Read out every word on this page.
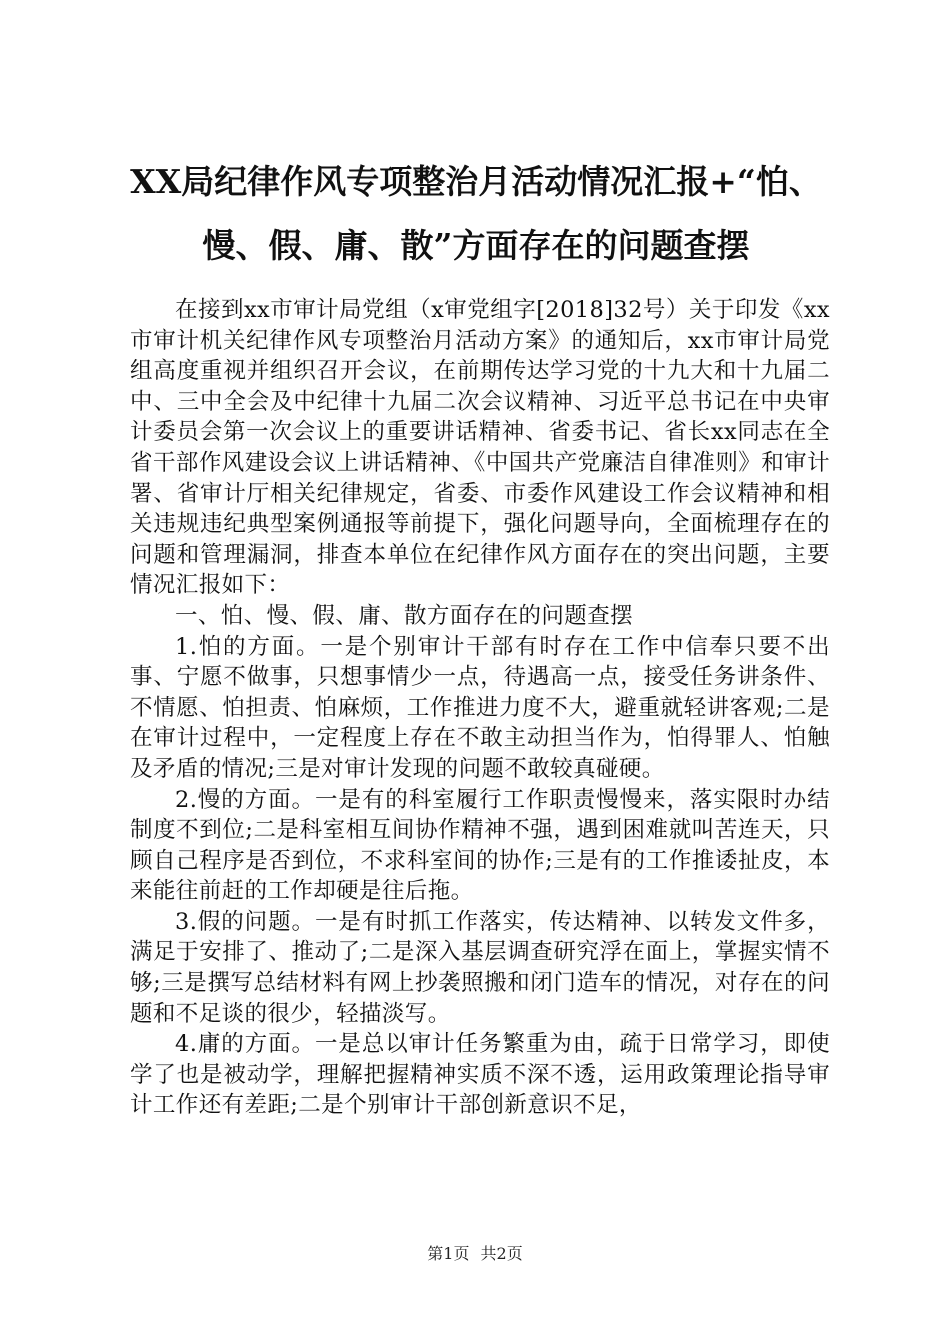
XX局纪律作风专项整治月活动情况汇报+“怕、慢、假、庸、散”方面存在的问题查摆

在接到xx市审计局党组（x审党组字[2018]32号）关于印发《xx市审计机关纪律作风专项整治月活动方案》的通知后，xx市审计局党组高度重视并组织召开会议，在前期传达学习党的十九大和十九届二中、三中全会及中纪律十九届二次会议精神、习近平总书记在中央审计委员会第一次会议上的重要讲话精神、省委书记、省长xx同志在全省干部作风建设会议上讲话精神、《中国共产党廉洁自律准则》和审计署、省审计厅相关纪律规定，省委、市委作风建设工作会议精神和相关违规违纪典型案例通报等前提下，强化问题导向，全面梳理存在的问题和管理漏洞，排查本单位在纪律作风方面存在的突出问题，主要情况汇报如下：

一、怕、慢、假、庸、散方面存在的问题查摆

1.怕的方面。一是个别审计干部有时存在工作中信奉只要不出事、宁愿不做事，只想事情少一点，待遇高一点，接受任务讲条件、不情愿、怕担责、怕麻烦，工作推进力度不大，避重就轻讲客观;二是在审计过程中，一定程度上存在不敢主动担当作为，怕得罪人、怕触及矛盾的情况;三是对审计发现的问题不敢较真碰硬。

2.慢的方面。一是有的科室履行工作职责慢慢来，落实限时办结制度不到位;二是科室相互间协作精神不强，遇到困难就叫苦连天，只顾自己程序是否到位，不求科室间的协作;三是有的工作推诿扯皮，本来能往前赶的工作却硬是往后拖。

3.假的问题。一是有时抓工作落实，传达精神、以转发文件多，满足于安排了、推动了;二是深入基层调查研究浮在面上，掌握实情不够;三是撰写总结材料有网上抄袭照搬和闭门造车的情况，对存在的问题和不足谈的很少，轻描淡写。

4.庸的方面。一是总以审计任务繁重为由，疏于日常学习，即使学了也是被动学，理解把握精神实质不深不透，运用政策理论指导审计工作还有差距;二是个别审计干部创新意识不足，

第1页 共2页
